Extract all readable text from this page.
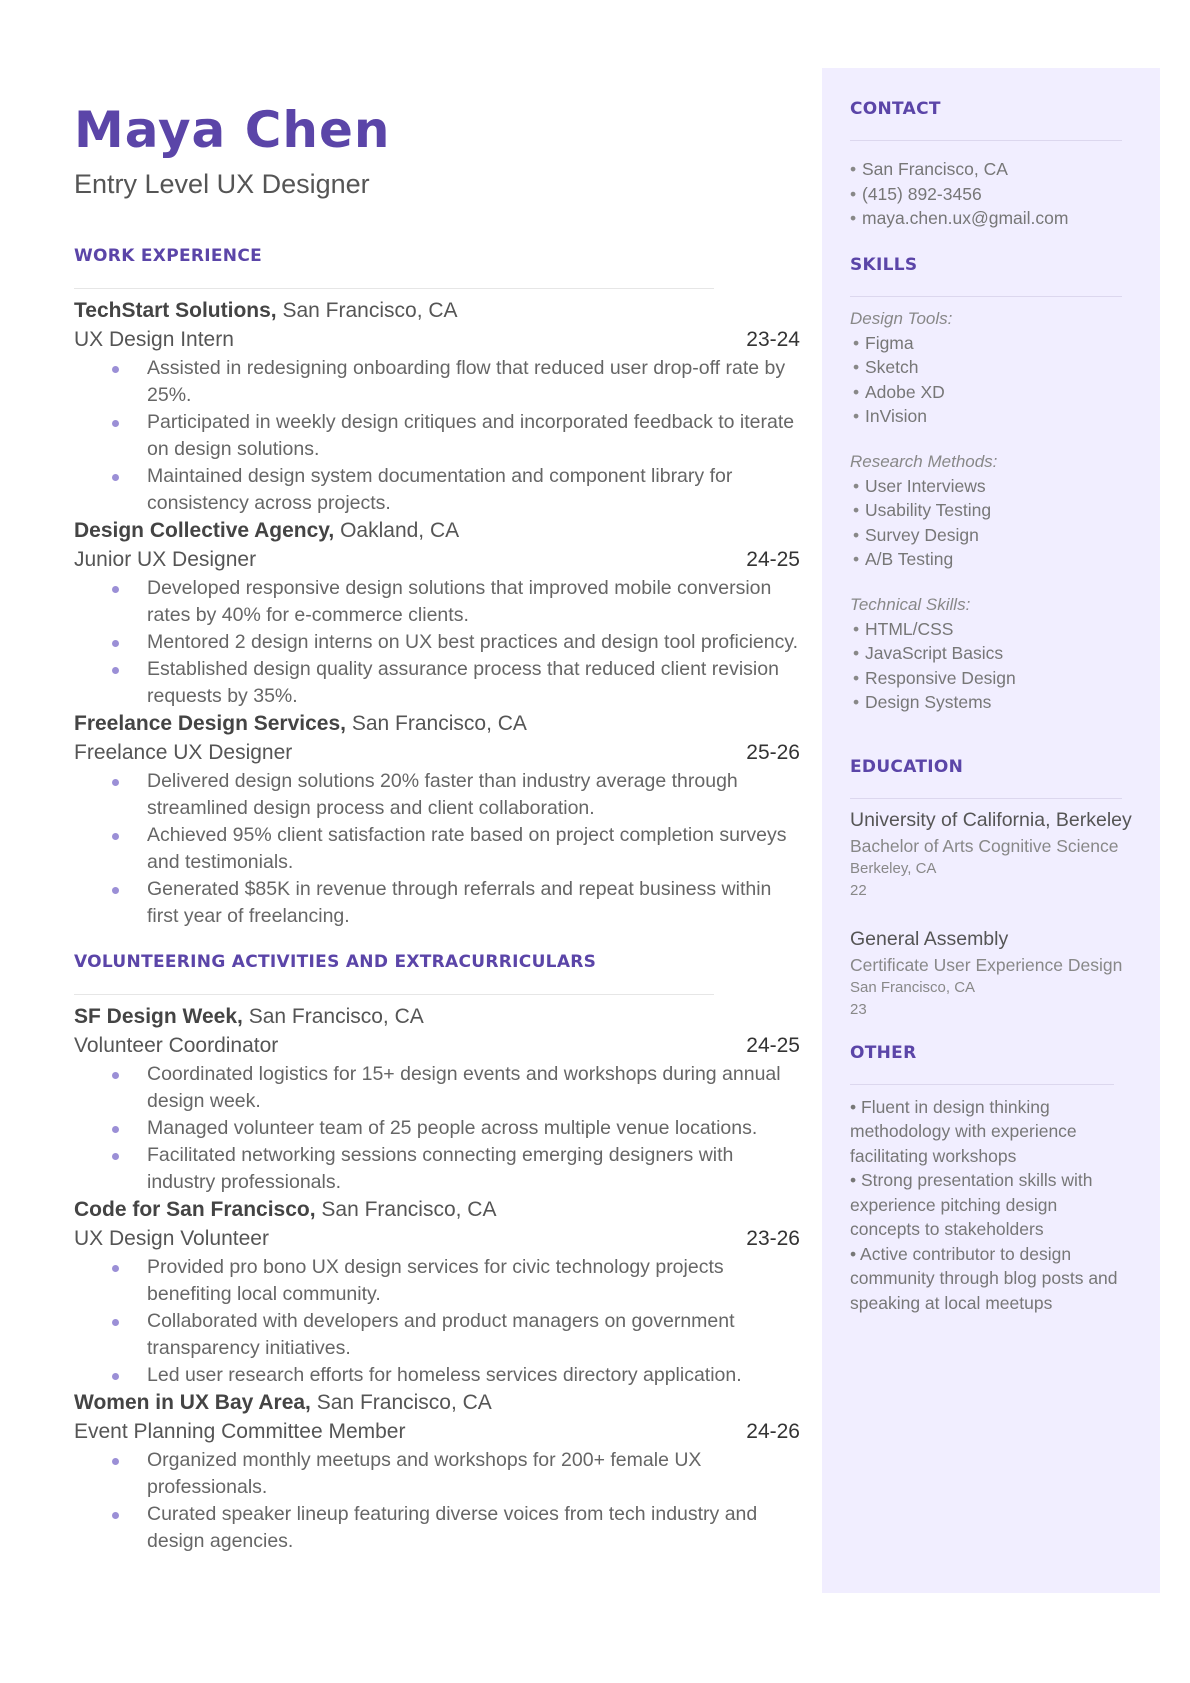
Maya Chen
Entry Level UX Designer
WORK EXPERIENCE
TechStart Solutions, San Francisco, CA
UX Design Intern	23-24
Assisted in redesigning onboarding flow that reduced user drop-off rate by 25%.
Participated in weekly design critiques and incorporated feedback to iterate on design solutions.
Maintained design system documentation and component library for consistency across projects.
Design Collective Agency, Oakland, CA
Junior UX Designer	24-25
Developed responsive design solutions that improved mobile conversion rates by 40% for e-commerce clients.
Mentored 2 design interns on UX best practices and design tool proficiency.
Established design quality assurance process that reduced client revision requests by 35%.
Freelance Design Services, San Francisco, CA
Freelance UX Designer	25-26
Delivered design solutions 20% faster than industry average through streamlined design process and client collaboration.
Achieved 95% client satisfaction rate based on project completion surveys and testimonials.
Generated $85K in revenue through referrals and repeat business within first year of freelancing.
VOLUNTEERING ACTIVITIES AND EXTRACURRICULARS
SF Design Week, San Francisco, CA
Volunteer Coordinator	24-25
Coordinated logistics for 15+ design events and workshops during annual design week.
Managed volunteer team of 25 people across multiple venue locations.
Facilitated networking sessions connecting emerging designers with industry professionals.
Code for San Francisco, San Francisco, CA
UX Design Volunteer	23-26
Provided pro bono UX design services for civic technology projects benefiting local community.
Collaborated with developers and product managers on government transparency initiatives.
Led user research efforts for homeless services directory application.
Women in UX Bay Area, San Francisco, CA
Event Planning Committee Member	24-26
Organized monthly meetups and workshops for 200+ female UX professionals.
Curated speaker lineup featuring diverse voices from tech industry and design agencies.
CONTACT
• San Francisco, CA
• (415) 892-3456
• maya.chen.ux@gmail.com
SKILLS
Design Tools:
• Figma
• Sketch
• Adobe XD
• InVision
Research Methods:
• User Interviews
• Usability Testing
• Survey Design
• A/B Testing
Technical Skills:
• HTML/CSS
• JavaScript Basics
• Responsive Design
• Design Systems
EDUCATION
University of California, Berkeley
Bachelor of Arts Cognitive Science
Berkeley, CA
22
General Assembly
Certificate User Experience Design
San Francisco, CA
23
OTHER
• Fluent in design thinking methodology with experience facilitating workshops
• Strong presentation skills with experience pitching design concepts to stakeholders
• Active contributor to design community through blog posts and speaking at local meetups
